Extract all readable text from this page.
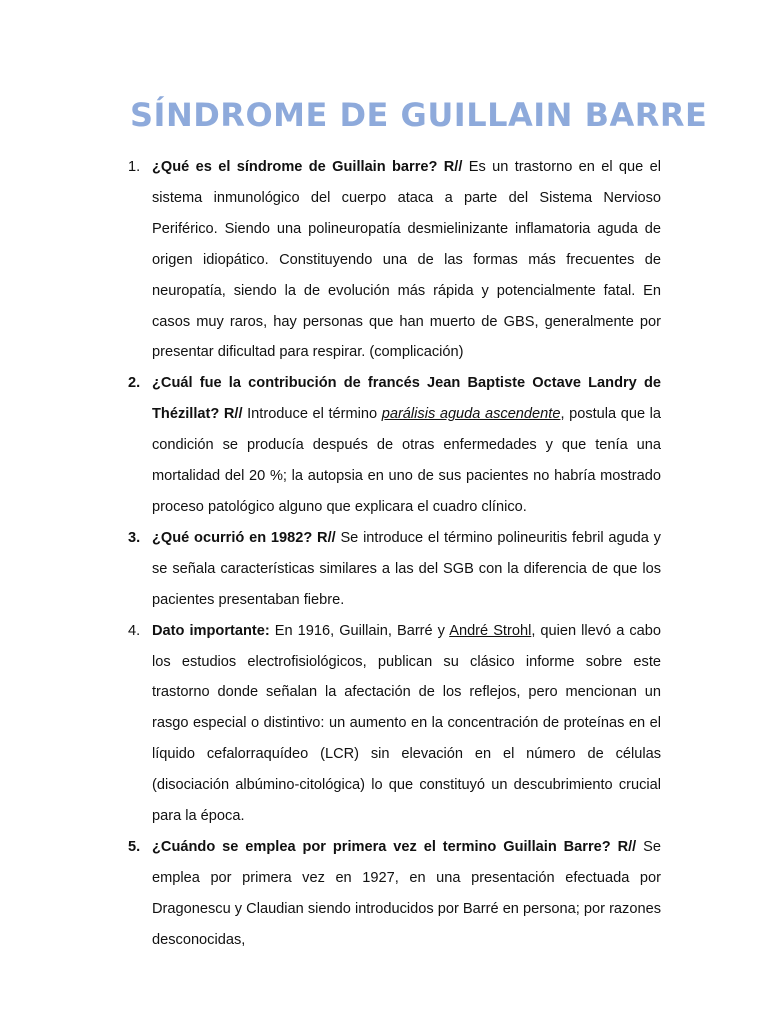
SÍNDROME DE GUILLAIN BARRE
1. ¿Qué es el síndrome de Guillain barre? R// Es un trastorno en el que el sistema inmunológico del cuerpo ataca a parte del Sistema Nervioso Periférico. Siendo una polineuropatía desmielinizante inflamatoria aguda de origen idiopático. Constituyendo una de las formas más frecuentes de neuropatía, siendo la de evolución más rápida y potencialmente fatal. En casos muy raros, hay personas que han muerto de GBS, generalmente por presentar dificultad para respirar. (complicación)
2. ¿Cuál fue la contribución de francés Jean Baptiste Octave Landry de Thézillat? R// Introduce el término parálisis aguda ascendente, postula que la condición se producía después de otras enfermedades y que tenía una mortalidad del 20 %; la autopsia en uno de sus pacientes no habría mostrado proceso patológico alguno que explicara el cuadro clínico.
3. ¿Qué ocurrió en 1982? R// Se introduce el término polineuritis febril aguda y se señala características similares a las del SGB con la diferencia de que los pacientes presentaban fiebre.
4. Dato importante: En 1916, Guillain, Barré y André Strohl, quien llevó a cabo los estudios electrofisiológicos, publican su clásico informe sobre este trastorno donde señalan la afectación de los reflejos, pero mencionan un rasgo especial o distintivo: un aumento en la concentración de proteínas en el líquido cefalorraquídeo (LCR) sin elevación en el número de células (disociación albúmino-citológica) lo que constituyó un descubrimiento crucial para la época.
5. ¿Cuándo se emplea por primera vez el termino Guillain Barre? R// Se emplea por primera vez en 1927, en una presentación efectuada por Dragonescu y Claudian siendo introducidos por Barré en persona; por razones desconocidas,
